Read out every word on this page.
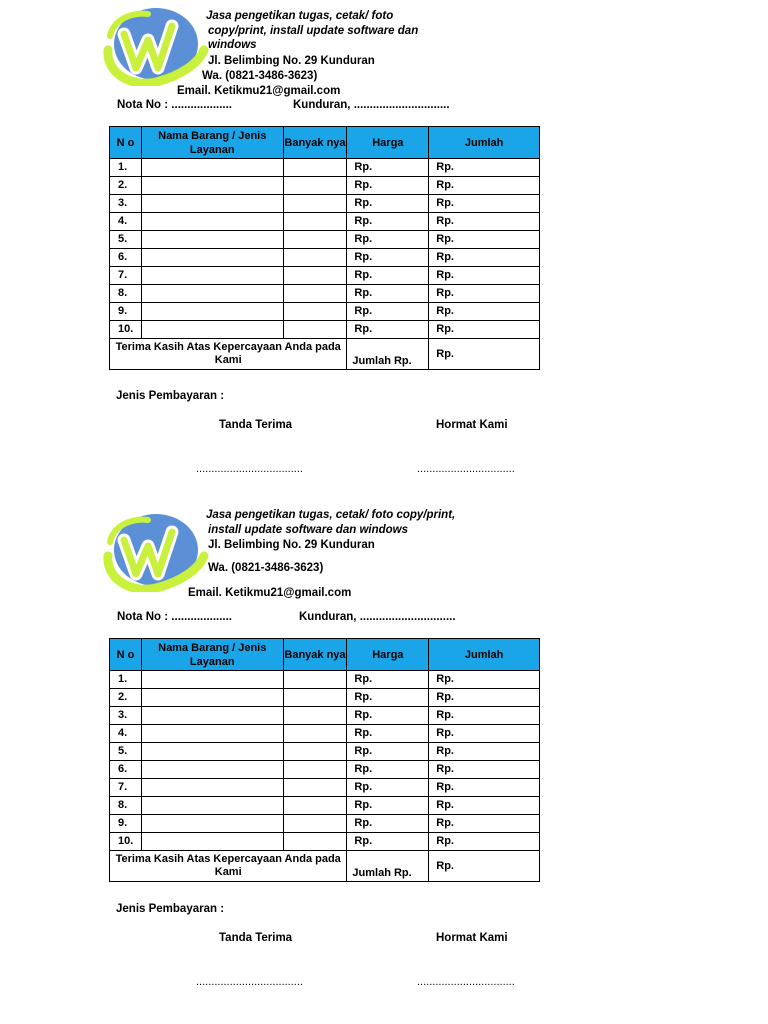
Jasa pengetikan tugas, cetak/ foto
copy/print, install update software dan
windows
Jl. Belimbing No. 29 Kunduran
Wa. (0821-3486-3623)
Email. Ketikmu21@gmail.com
Nota No : ...................	Kunduran, ..............................
N o	Nama Barang / Jenis Layanan	Banyak nya	Harga	Jumlah
1.			Rp.	Rp.
2.			Rp.	Rp.
3.			Rp.	Rp.
4.			Rp.	Rp.
5.			Rp.	Rp.
6.			Rp.	Rp.
7.			Rp.	Rp.
8.			Rp.	Rp.
9.			Rp.	Rp.
10.			Rp.	Rp.

Terima Kasih Atas Kepercayaan Anda pada Kami			Jumlah Rp.	Rp.
Jenis Pembayaran :
Tanda Terima	Hormat Kami
...................................	................................
Jasa pengetikan tugas, cetak/ foto copy/print,
install update software dan windows
Jl. Belimbing No. 29 Kunduran
Wa. (0821-3486-3623)
Email. Ketikmu21@gmail.com
Nota No : ...................	Kunduran, ..............................
N o	Nama Barang / Jenis Layanan	Banyak nya	Harga	Jumlah
1.			Rp.	Rp.
2.			Rp.	Rp.
3.			Rp.	Rp.
4.			Rp.	Rp.
5.			Rp.	Rp.
6.			Rp.	Rp.
7.			Rp.	Rp.
8.			Rp.	Rp.
9.			Rp.	Rp.
10.			Rp.	Rp.

Terima Kasih Atas Kepercayaan Anda pada Kami			Jumlah Rp.	Rp.
Jenis Pembayaran :
Tanda Terima	Hormat Kami
...................................	................................
